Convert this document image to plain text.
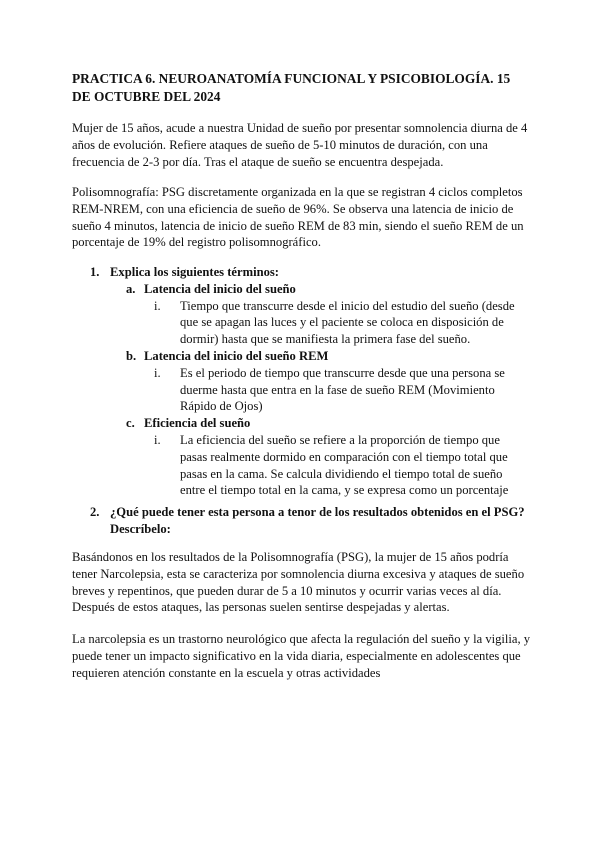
PRACTICA 6. NEUROANATOMÍA FUNCIONAL Y PSICOBIOLOGÍA. 15 DE OCTUBRE DEL 2024

Mujer de 15 años, acude a nuestra Unidad de sueño por presentar somnolencia diurna de 4 años de evolución. Refiere ataques de sueño de 5-10 minutos de duración, con una frecuencia de 2-3 por día. Tras el ataque de sueño se encuentra despejada.

Polisomnografía: PSG discretamente organizada en la que se registran 4 ciclos completos REM-NREM, con una eficiencia de sueño de 96%. Se observa una latencia de inicio de sueño 4 minutos, latencia de inicio de sueño REM de 83 min, siendo el sueño REM de un porcentaje de 19% del registro polisomnográfico.

1. Explica los siguientes términos:
a. Latencia del inicio del sueño
i.	Tiempo que transcurre desde el inicio del estudio del sueño (desde que se apagan las luces y el paciente se coloca en disposición de dormir) hasta que se manifiesta la primera fase del sueño.
b. Latencia del inicio del sueño REM
i.	Es el periodo de tiempo que transcurre desde que una persona se duerme hasta que entra en la fase de sueño REM (Movimiento Rápido de Ojos)
c. Eficiencia del sueño
i.	La eficiencia del sueño se refiere a la proporción de tiempo que pasas realmente dormido en comparación con el tiempo total que pasas en la cama. Se calcula dividiendo el tiempo total de sueño entre el tiempo total en la cama, y se expresa como un porcentaje
2. ¿Qué puede tener esta persona a tenor de los resultados obtenidos en el PSG? Descríbelo:

Basándonos en los resultados de la Polisomnografía (PSG), la mujer de 15 años podría tener Narcolepsia, esta se caracteriza por somnolencia diurna excesiva y ataques de sueño breves y repentinos, que pueden durar de 5 a 10 minutos y ocurrir varias veces al día. Después de estos ataques, las personas suelen sentirse despejadas y alertas.

La narcolepsia es un trastorno neurológico que afecta la regulación del sueño y la vigilia, y puede tener un impacto significativo en la vida diaria, especialmente en adolescentes que requieren atención constante en la escuela y otras actividades
